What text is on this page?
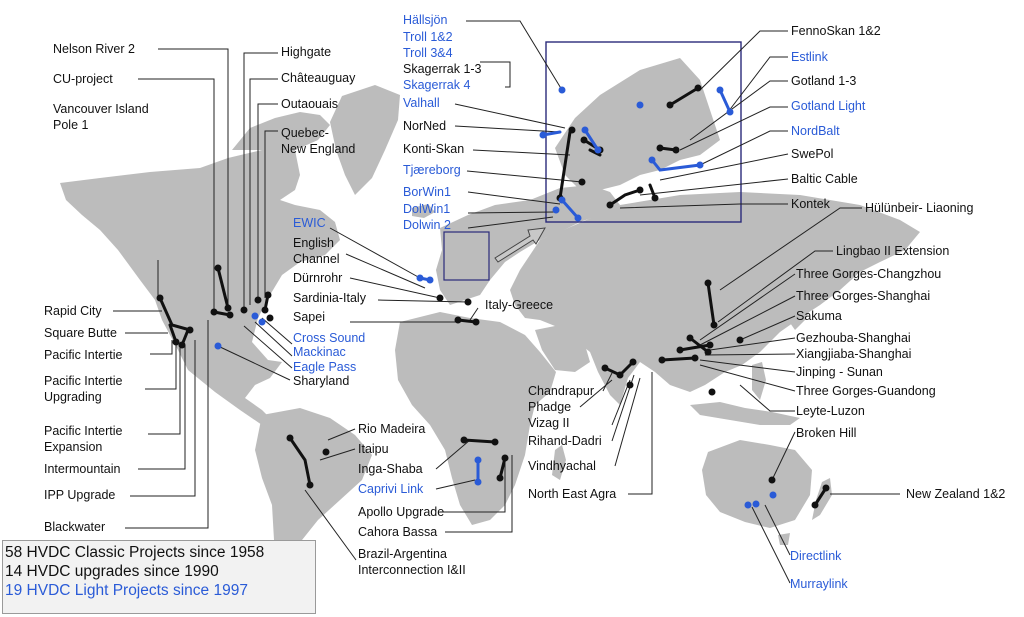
Nelson River 2
CU-project
Vancouver Island
Pole 1
Highgate
Châteauguay
Outaouais
Quebec-
New England
Rapid City
Square Butte
Pacific Intertie
Pacific Intertie
Upgrading
Pacific Intertie
Expansion
Intermountain
IPP Upgrade
Blackwater
Cross Sound
Mackinac
Eagle Pass
Sharyland
EWIC
English
Channel
Dürnrohr
Sardinia-Italy
Sapei
Italy-Greece
Hällsjön
Troll 1&2
Troll 3&4
Skagerrak 1-3
Skagerrak 4
Valhall
NorNed
Konti-Skan
Tjæreborg
BorWin1
DolWin1
Dolwin 2
FennoSkan 1&2
Estlink
Gotland 1-3
Gotland Light
NordBalt
SwePol
Baltic Cable
Kontek	Hülünbeir- Liaoning
Lingbao II Extension
Three Gorges-Changzhou
Three Gorges-Shanghai
Sakuma
Gezhouba-Shanghai
Xiangjiaba-Shanghai
Jinping - Sunan
Three Gorges-Guandong
Leyte-Luzon
Broken Hill
New Zealand 1&2
Directlink
Murraylink
Chandrapur
Phadge
Vizag II
Rihand-Dadri
Vindhyachal
North East Agra
Rio Madeira
Itaipu
Inga-Shaba
Caprivi Link
Apollo Upgrade
Cahora Bassa
Brazil-Argentina
Interconnection I&II
58 HVDC Classic Projects since 1958
14 HVDC upgrades since 1990
19 HVDC Light Projects since 1997
